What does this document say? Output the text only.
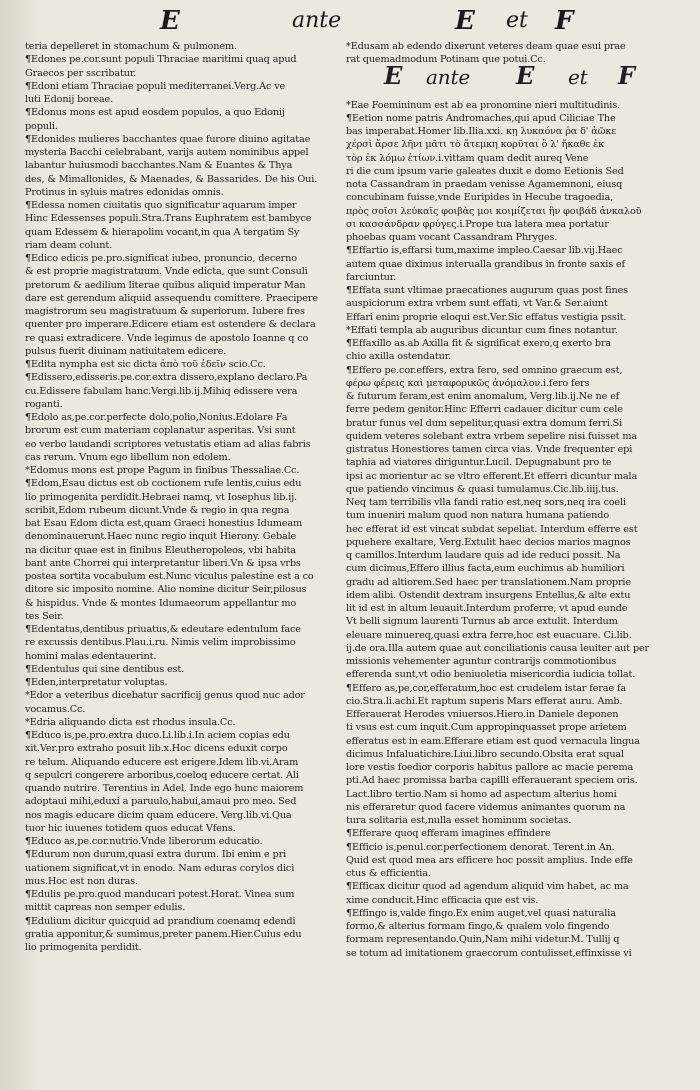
E	ante	E et F
teria depelleret in stomachum & pulmonem.
¶Edones pe.cor.sunt populi Thraciae maritimi quaq apud
Graecos per sscribatur.
¶Edoni etiam Thraciae populi mediterranei.Verg.Ac ve
luti Edonij boreae.
¶Edonus mons est apud eosdem populos, a quo Edonij
populi.
¶Edonides mulieres bacchantes quae furore diuino agitatae
mysteria Bacchi celebrabant, varijs autem nominibus appel
labantur huiusmodi bacchantes.Nam & Euantes & Thya
des, & Mimallonides, & Maenades, & Bassarides. De his Oui.
Protinus in syluis matres edonidas omnis.
¶Edessa nomen ciuitatis quo significatur aquarum imper
Hinc Edessenses populi.Stra.Trans Euphratem est bambyce
quam Edessem & hierapolim vocant,in qua A tergatim Sy
riam deam colunt.
¶Edico edicis pe.pro.significat iubeo, pronuncio, decerno
& est proprie magistratuum. Vnde edicta, que sunt Consuli
pretorum & aedilium literae quibus aliquid imperatur Man
dare est gerendum aliquid assequendu comittere. Praecipere
magistrorum seu magistratuum & superiorum. Iubere fres
quenter pro imperare.Edicere etiam est ostendere & declara
re quasi extradicere. Vnde legimus de apostolo Ioanne q co
pulsus fuerit diuinam natiuitatem edicere.
¶Edita nympha est sic dicta ἀπὸ τοῦ ἐδεῖν scio.Cc.
¶Edissero,edisseris.pe.cor.extra dissero,explano declaro.Pa
cu.Edissere fabulam hanc.Vergi.lib.ij.Mihiq edissere vera
roganti.
¶Edolo as,pe.cor.perfecte dolo,polio,Nonius.Edolare Fa
brorum est cum materiam coplanatur asperitas. Vsi sunt
eo verbo laudandi scriptores vetustatis etiam ad alias fabris
cas rerum. Vnum ego libellum non edolem.
*Edomus mons est prope Pagum in finibus Thessaliae.Cc.
¶Edom,Esau dictus est ob coctionem rufe lentis,cuius edu
lio primogenita perdidit.Hebraei namq, vt Iosephus lib.ij.
scribit,Edom rubeum dicunt.Vnde & regio in qua regna
bat Esau Edom dicta est,quam Graeci honestius Idumeam
denominauerunt.Haec nunc regio inquit Hierony. Gebale
na dicitur quae est in finibus Eleutheropoleos, vbi habita
bant ante Chorrei qui interpretantur liberi.Vn & ipsa vrbs
postea sortita vocabulum est.Nunc viculus palestine est a co
ditore sic imposito nomine. Alio nomine dicitur Seir,pilosus
& hispidus. Vnde & montes Idumaeorum appellantur mo
tes Seir.
¶Edentatus,dentibus priuatus,& edeutare edentulum face
re excussis dentibus.Plau.i.ru. Nimis velim improbissimo
homini malas edentauerint.
¶Edentulus qui sine dentibus est.
¶Eden,interpretatur voluptas.
*Edor a veteribus dicebatur sacrificij genus quod nuc ador
vocamus.Cc.
*Edria aliquando dicta est rhodus insula.Cc.
¶Educo is,pe.pro.extra duco.Li.lib.i.In aciem copias edu
xit.Ver.pro extraho posuit lib.x.Hoc dicens eduxit corpo
re telum. Aliquando educere est erigere.Idem lib.vi.Aram
q sepulcri congerere arboribus,coeloq educere certat. Ali
quando nutrire. Terentius in Adel. Inde ego hunc maiorem
adoptaui mihi,eduxi a paruulo,habui,amaui pro meo. Sed
nos magis educare dicim quam educere. Verg.lib.vi.Qua
tuor hic iuuenes totidem quos educat Vfens.
¶Educo as,pe.cor.nutrio.Vnde liberorum educatio.
¶Edurum non durum,quasi extra durum. Ibi enim e pri
uationem significat,vt in enodo. Nam eduras corylos dici
mus.Hoc est non duras.
¶Edulis pe.pro.quod manducari potest.Horat. Vinea sum
mittit capreas non semper edulis.
¶Edulium dicitur quicquid ad prandium coenamq edendi
gratia apponitur,& sumimus,preter panem.Hier.Cuius edu
lio primogenita perdidit.
*Edusam ab edendo dixerunt veteres deam quae esui prae
rat quemadmodum Potinam que potui.Cc.
E ante E et F
*Eae Foemininum est ab ea pronomine nieri multitudinis.
¶Eetion nome patris Andromaches,qui apud Ciliciae The
bas imperabat.Homer lib.Ilia.xxi. κῃ λυκαόνα ῥα δ' ἀῶκε
χέρσὶ ἄρσε λῆνι μᾶτι τὸ ἄτεμκη κορῡται ὃ λ' ἤκαθε ἐκ
τὸρ ἐκ λόμω ἑτίων.i.vittam quam dedit aureq Vene
ri die cum ipsum varie galeates duxit e domo Eetionis Sed
nota Cassandram in praedam venisse Agamemnoni, eiusq
concubinam fuisse,vnde Euripides in Hecube tragoedia,
πρὸς σοῖσι λεύκαῖς φοιβὰς μοι κοιμίζεται ἣν φοιβάδ ἀνκαλοῦ
σι κασσάνδραν φρύγες.i.Prope tua latera mea portatur
phoebas quam vocant Cassandram Phryges.
¶Effartio is,effarsi tum,maxime impleo.Caesar lib.vij.Haec
autem quae diximus interualla grandibus in fronte saxis ef
farciuntur.
¶Effata sunt vltimae praecationes augurum quas post fines
auspiciorum extra vrbem sunt effati, vt Var.& Ser.aiunt
Effari enim proprie eloqui est.Ver.Sic effatus vestigia pssit.
*Effati templa ab auguribus dicuntur cum fines notantur.
¶Effaxillo as.ab Axilla fit & significat exero,q exerto bra
chio axilla ostendatur.
¶Effero pe.cor.effers, extra fero, sed omnino graecum est,
φέρω φέρεις καὶ μεταφορικῶς ἀνόμαλον.i.fero fers
& futurum feram,est enim anomalum, Verg.lib.ij.Ne ne ef
ferre pedem genitor.Hinc Efferri cadauer dicitur cum cele
bratur funus vel dum sepelitur,quasi extra domum ferri.Si
quidem veteres solebant extra vrbem sepelire nisi fuisset ma
gistratus Honestiores tamen circa vias. Vnde frequenter epi
taphia ad viatores diriguntur.Lucil. Depugnabunt pro te
ipsi ac morientur ac se vltro efferent.Et efferri dicuntur mala
que patiendo vincimus & quasi tumulamus.Cic.lib.iiij.tus.
Neq tam terribilis vlla fandi ratio est,neq sors,neq ira coeli
tum inueniri malum quod non natura humana patiendo
hec efferat id est vincat subdat sepeliat. Interdum efferre est
pquehere exaltare, Verg.Extulit haec decios marios magnos
q camillos.Interdum laudare quis ad ide reduci possit. Na
cum dicimus,Effero illius facta,eum euchimus ab humiliori
gradu ad altiorem.Sed haec per translationem.Nam proprie
idem alibi. Ostendit dextram insurgens Entellus,& alte extu
lit id est in altum leuauit.Interdum proferre, vt apud eunde
Vt belli signum laurenti Turnus ab arce extulit. Interdum
eleuare minuereq,quasi extra ferre,hoc est euacuare. Ci.lib.
ij.de ora.Illa autem quae aut conciliationis causa leuiter aut per
missionis vehementer aguntur contrarijs commotionibus
efferenda sunt,vt odio beniuoletia misericordia iudicia tollat.
¶Effero as,pe,cor,efferatum,hoc est crudelem istar ferae fa
cio.Stra.li.achi.Et raptum superis Mars efferat auru. Amb.
Efferauerat Herodes vniuersos.Hiero.in Daniele deponen
ti vsus est cum inquit.Cum appropinquasset prope arietem
efferatus est in eam.Efferare etiam est quod vernacula lingua
dicimus Infaluatichire.Liui.libro secundo.Obsita erat squal
lore vestis foedior corporis habitus pallore ac macie perema
pti.Ad haec promissa barba capilli efferauerant speciem oris.
Lact.libro tertio.Nam si homo ad aspectum alterius homi
nis efferaretur quod facere videmus animantes quorum na
tura solitaria est,nulla esset hominum societas.
¶Efferare quoq efferam imagines effindere
¶Efficio is,penul.cor.perfectionem denorat. Terent.in An.
Quid est quod mea ars efficere hoc possit amplius. Inde effe
ctus & efficientia.
¶Efficax dicitur quod ad agendum aliquid vim habet, ac ma
xime conducit.Hinc efficacia que est vis.
¶Effingo is,valde fingo.Ex enim auget,vel quasi naturalia
formo,& alterius formam fingo,& qualem volo fingendo
formam representando.Quin,Nam mihi videtur.M. Tullij q
se totum ad imitationem graecorum contulisset,effinxisse vi
